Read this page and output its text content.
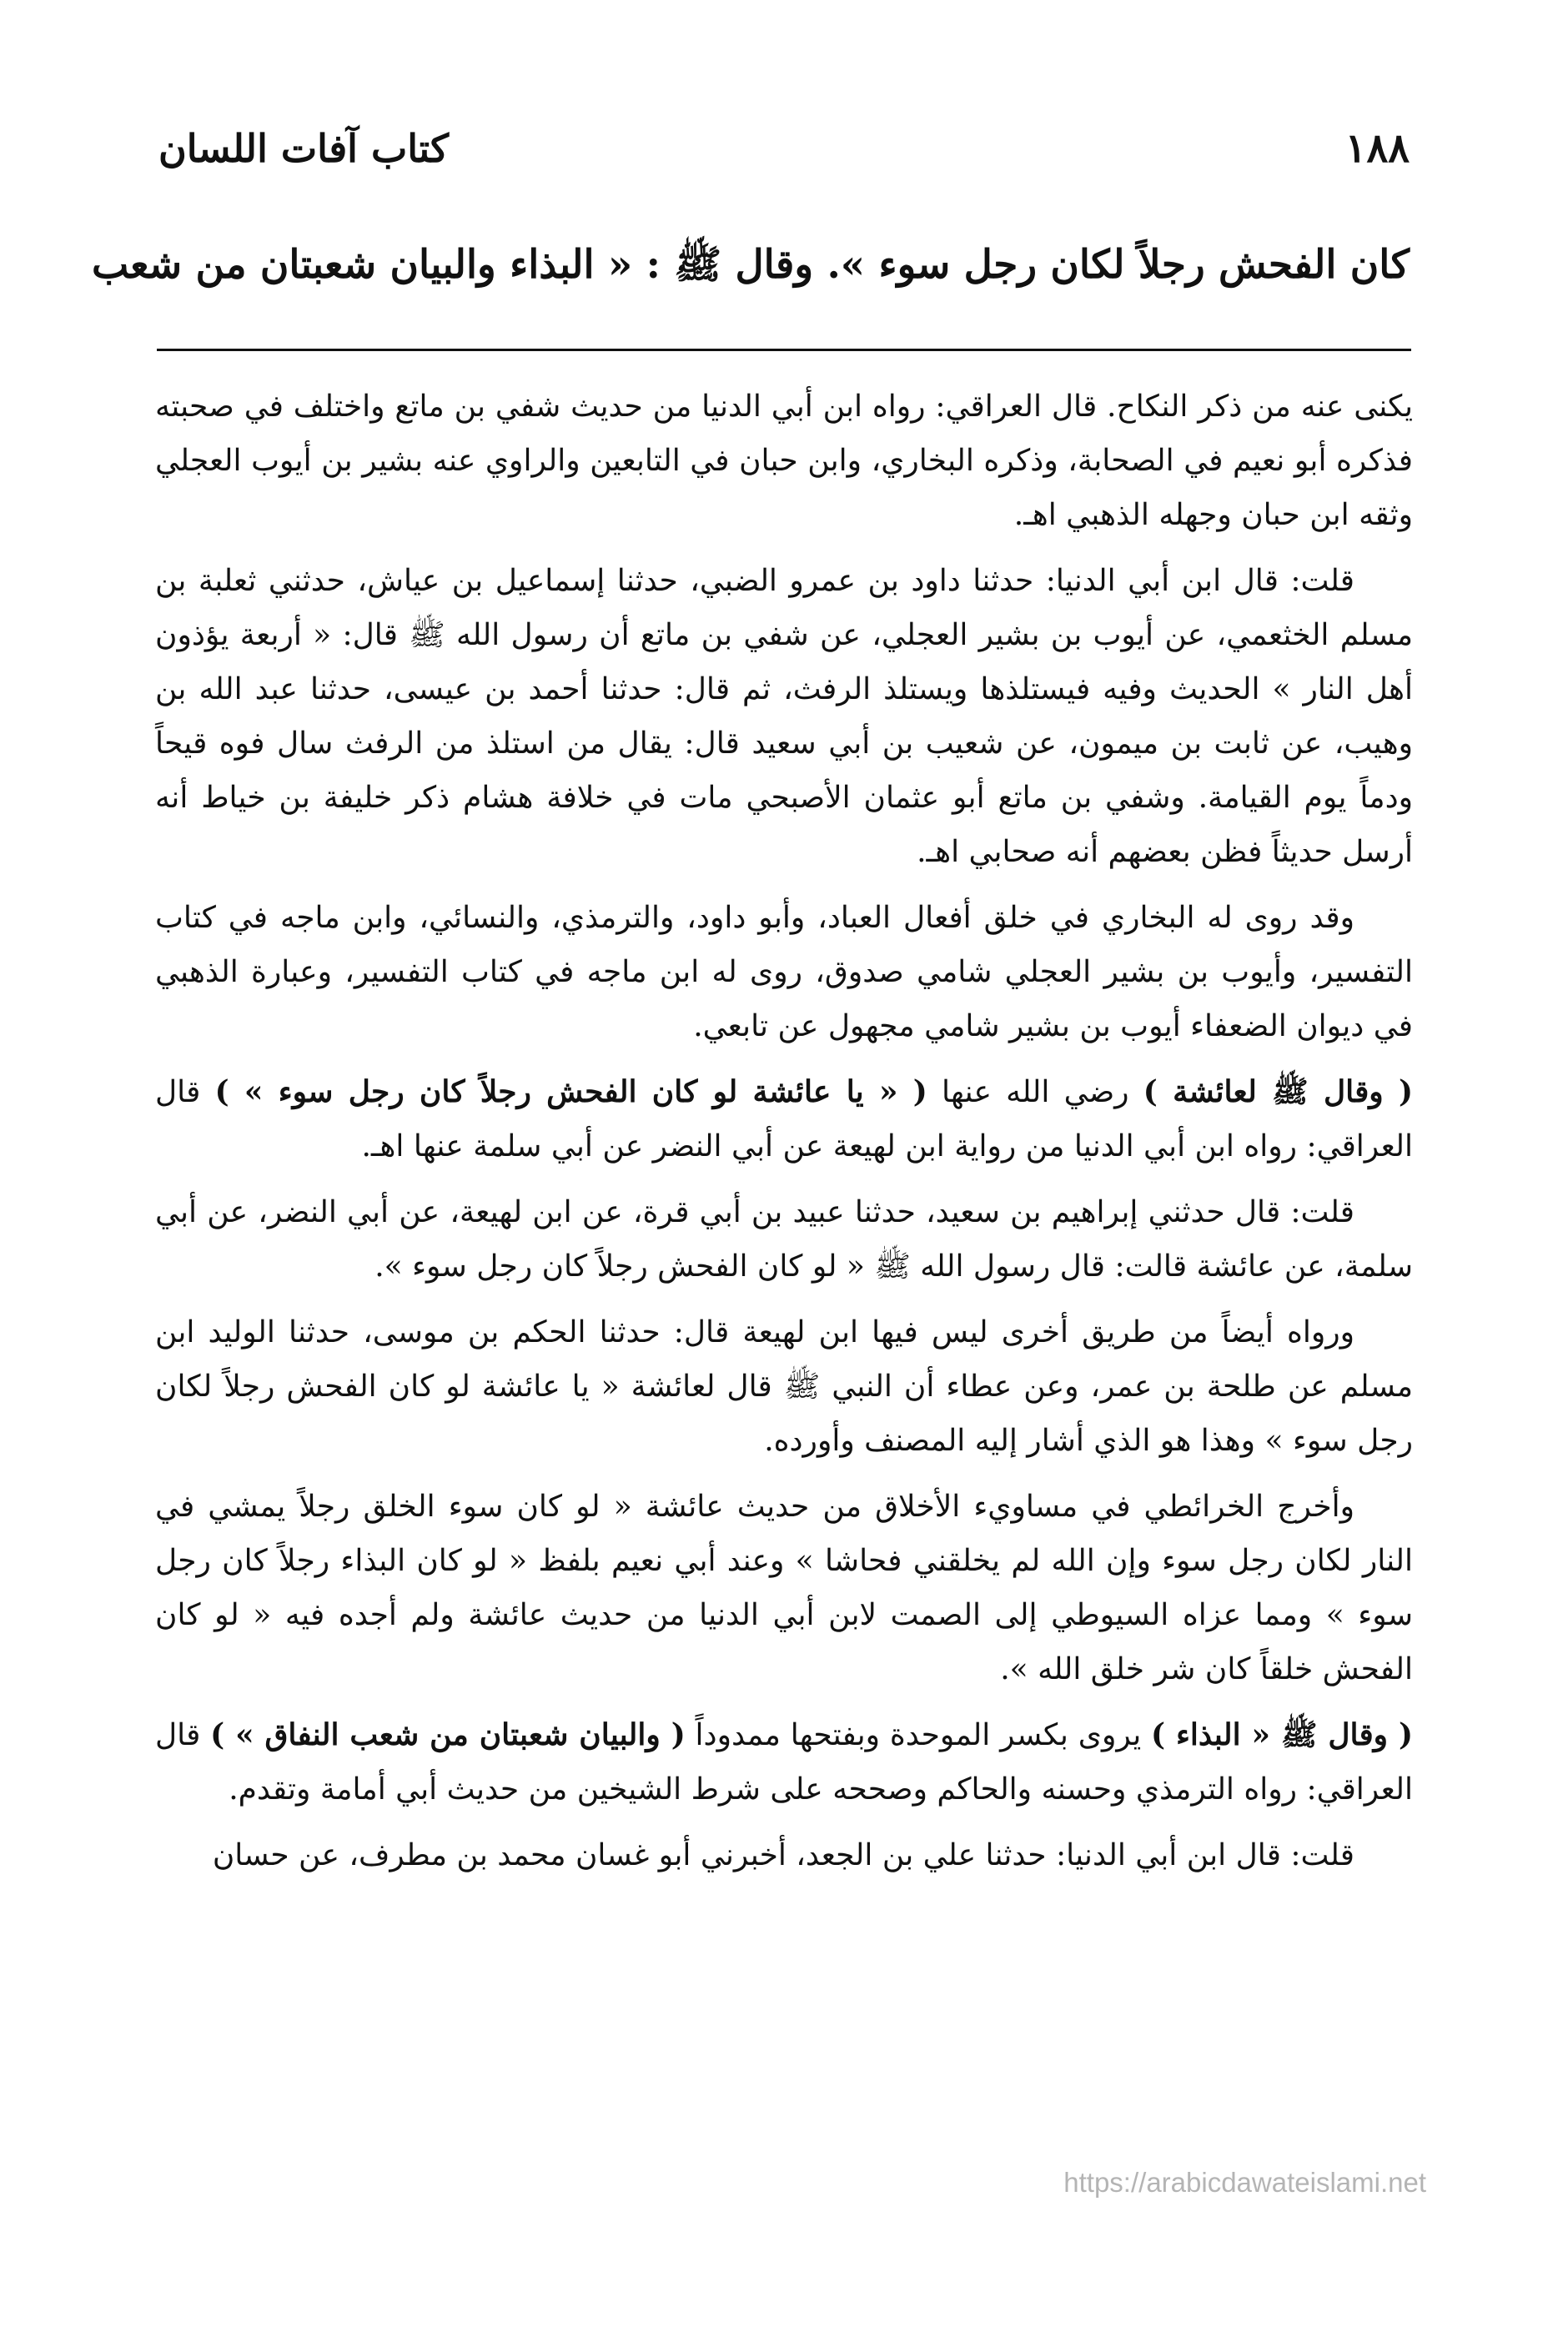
١٨٨
كتاب آفات اللسان
كان الفحش رجلاً لكان رجل سوء ». وقال ﷺ : « البذاء والبيان شعبتان من شعب

يكنى عنه من ذكر النكاح. قال العراقي: رواه ابن أبي الدنيا من حديث شفي بن ماتع واختلف في صحبته فذكره أبو نعيم في الصحابة، وذكره البخاري، وابن حبان في التابعين والراوي عنه بشير بن أيوب العجلي وثقه ابن حبان وجهله الذهبي اهـ.

قلت: قال ابن أبي الدنيا: حدثنا داود بن عمرو الضبي، حدثنا إسماعيل بن عياش، حدثني ثعلبة بن مسلم الخثعمي، عن أيوب بن بشير العجلي، عن شفي بن ماتع أن رسول الله ﷺ قال: « أربعة يؤذون أهل النار » الحديث وفيه فيستلذها ويستلذ الرفث، ثم قال: حدثنا أحمد بن عيسى، حدثنا عبد الله بن وهيب، عن ثابت بن ميمون، عن شعيب بن أبي سعيد قال: يقال من استلذ من الرفث سال فوه قيحاً ودماً يوم القيامة. وشفي بن ماتع أبو عثمان الأصبحي مات في خلافة هشام ذكر خليفة بن خياط أنه أرسل حديثاً فظن بعضهم أنه صحابي اهـ.

وقد روى له البخاري في خلق أفعال العباد، وأبو داود، والترمذي، والنسائي، وابن ماجه في كتاب التفسير، وأيوب بن بشير العجلي شامي صدوق، روى له ابن ماجه في كتاب التفسير، وعبارة الذهبي في ديوان الضعفاء أيوب بن بشير شامي مجهول عن تابعي.

( وقال ﷺ لعائشة ) رضي الله عنها ( « يا عائشة لو كان الفحش رجلاً كان رجل سوء » ) قال العراقي: رواه ابن أبي الدنيا من رواية ابن لهيعة عن أبي النضر عن أبي سلمة عنها اهـ.

قلت: قال حدثني إبراهيم بن سعيد، حدثنا عبيد بن أبي قرة، عن ابن لهيعة، عن أبي النضر، عن أبي سلمة، عن عائشة قالت: قال رسول الله ﷺ « لو كان الفحش رجلاً كان رجل سوء ».

ورواه أيضاً من طريق أخرى ليس فيها ابن لهيعة قال: حدثنا الحكم بن موسى، حدثنا الوليد ابن مسلم عن طلحة بن عمر، وعن عطاء أن النبي ﷺ قال لعائشة « يا عائشة لو كان الفحش رجلاً لكان رجل سوء » وهذا هو الذي أشار إليه المصنف وأورده.

وأخرج الخرائطي في مساويء الأخلاق من حديث عائشة « لو كان سوء الخلق رجلاً يمشي في النار لكان رجل سوء وإن الله لم يخلقني فحاشا » وعند أبي نعيم بلفظ « لو كان البذاء رجلاً كان رجل سوء » ومما عزاه السيوطي إلى الصمت لابن أبي الدنيا من حديث عائشة ولم أجده فيه « لو كان الفحش خلقاً كان شر خلق الله ».

( وقال ﷺ « البذاء ) يروى بكسر الموحدة وبفتحها ممدوداً ( والبيان شعبتان من شعب النفاق » ) قال العراقي: رواه الترمذي وحسنه والحاكم وصححه على شرط الشيخين من حديث أبي أمامة وتقدم.

قلت: قال ابن أبي الدنيا: حدثنا علي بن الجعد، أخبرني أبو غسان محمد بن مطرف، عن حسان

https://arabicdawateislami.net
